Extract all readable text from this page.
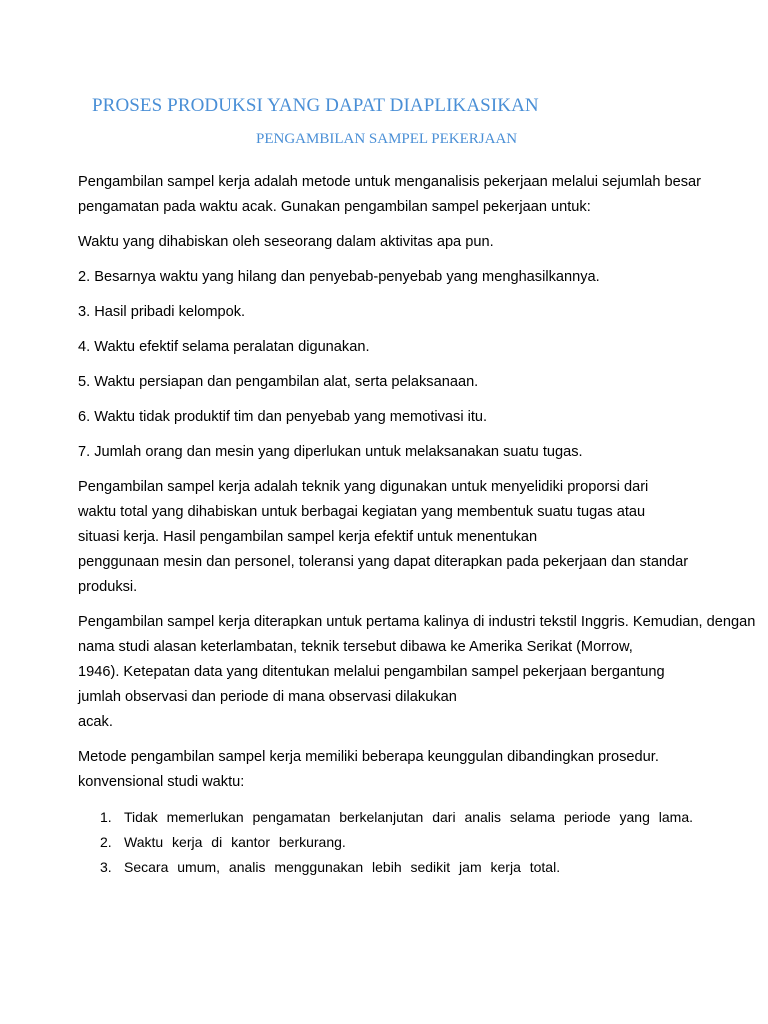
PROSES PRODUKSI YANG DAPAT DIAPLIKASIKAN
PENGAMBILAN SAMPEL PEKERJAAN

Pengambilan sampel kerja adalah metode untuk menganalisis pekerjaan melalui sejumlah besar
pengamatan pada waktu acak. Gunakan pengambilan sampel pekerjaan untuk:

Waktu yang dihabiskan oleh seseorang dalam aktivitas apa pun.

2. Besarnya waktu yang hilang dan penyebab-penyebab yang menghasilkannya.

3. Hasil pribadi kelompok.

4. Waktu efektif selama peralatan digunakan.

5. Waktu persiapan dan pengambilan alat, serta pelaksanaan.

6. Waktu tidak produktif tim dan penyebab yang memotivasi itu.

7. Jumlah orang dan mesin yang diperlukan untuk melaksanakan suatu tugas.

Pengambilan sampel kerja adalah teknik yang digunakan untuk menyelidiki proporsi dari
waktu total yang dihabiskan untuk berbagai kegiatan yang membentuk suatu tugas atau
situasi kerja. Hasil pengambilan sampel kerja efektif untuk menentukan
penggunaan mesin dan personel, toleransi yang dapat diterapkan pada pekerjaan dan standar
produksi.

Pengambilan sampel kerja diterapkan untuk pertama kalinya di industri tekstil Inggris. Kemudian, dengan
nama studi alasan keterlambatan, teknik tersebut dibawa ke Amerika Serikat (Morrow,
1946). Ketepatan data yang ditentukan melalui pengambilan sampel pekerjaan bergantung
jumlah observasi dan periode di mana observasi dilakukan
acak.

Metode pengambilan sampel kerja memiliki beberapa keunggulan dibandingkan prosedur.
konvensional studi waktu:

1. Tidak memerlukan pengamatan berkelanjutan dari analis selama periode yang lama.
2. Waktu kerja di kantor berkurang.
3. Secara umum, analis menggunakan lebih sedikit jam kerja total.
